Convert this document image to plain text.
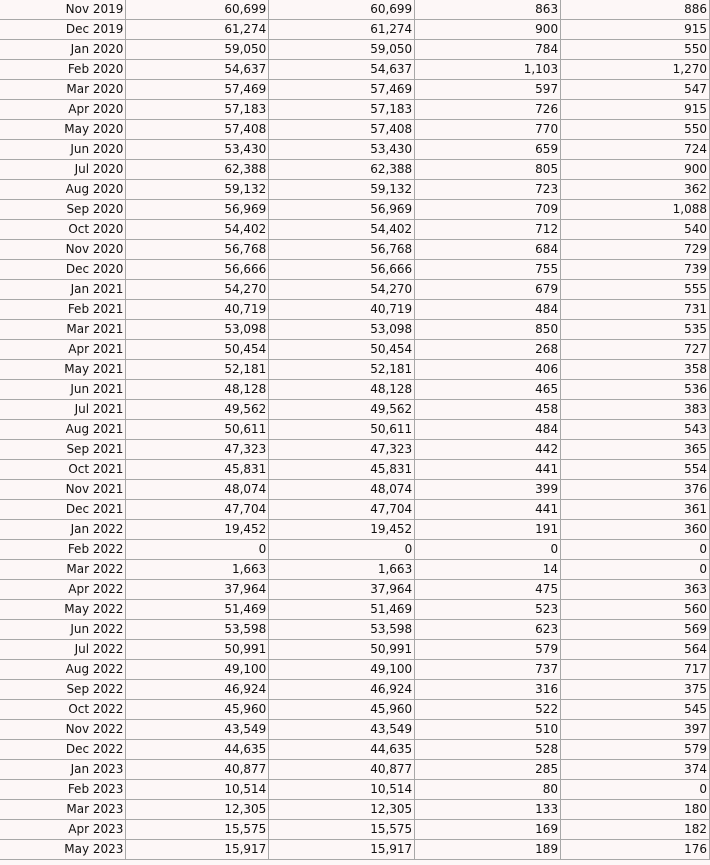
Nov 2019	60,699	60,699	863	886
Dec 2019	61,274	61,274	900	915
Jan 2020	59,050	59,050	784	550
Feb 2020	54,637	54,637	1,103	1,270
Mar 2020	57,469	57,469	597	547
Apr 2020	57,183	57,183	726	915
May 2020	57,408	57,408	770	550
Jun 2020	53,430	53,430	659	724
Jul 2020	62,388	62,388	805	900
Aug 2020	59,132	59,132	723	362
Sep 2020	56,969	56,969	709	1,088
Oct 2020	54,402	54,402	712	540
Nov 2020	56,768	56,768	684	729
Dec 2020	56,666	56,666	755	739
Jan 2021	54,270	54,270	679	555
Feb 2021	40,719	40,719	484	731
Mar 2021	53,098	53,098	850	535
Apr 2021	50,454	50,454	268	727
May 2021	52,181	52,181	406	358
Jun 2021	48,128	48,128	465	536
Jul 2021	49,562	49,562	458	383
Aug 2021	50,611	50,611	484	543
Sep 2021	47,323	47,323	442	365
Oct 2021	45,831	45,831	441	554
Nov 2021	48,074	48,074	399	376
Dec 2021	47,704	47,704	441	361
Jan 2022	19,452	19,452	191	360
Feb 2022	0	0	0	0
Mar 2022	1,663	1,663	14	0
Apr 2022	37,964	37,964	475	363
May 2022	51,469	51,469	523	560
Jun 2022	53,598	53,598	623	569
Jul 2022	50,991	50,991	579	564
Aug 2022	49,100	49,100	737	717
Sep 2022	46,924	46,924	316	375
Oct 2022	45,960	45,960	522	545
Nov 2022	43,549	43,549	510	397
Dec 2022	44,635	44,635	528	579
Jan 2023	40,877	40,877	285	374
Feb 2023	10,514	10,514	80	0
Mar 2023	12,305	12,305	133	180
Apr 2023	15,575	15,575	169	182
May 2023	15,917	15,917	189	176
